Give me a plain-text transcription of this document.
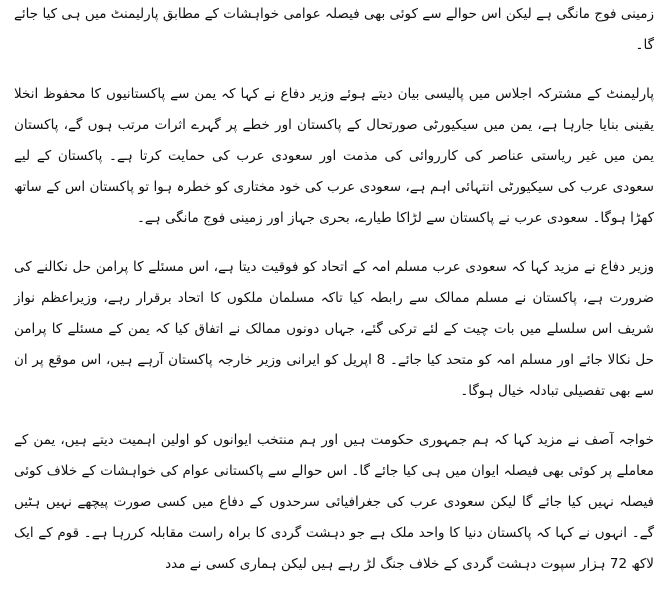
زمینی فوج مانگی ہے لیکن اس حوالے سے کوئی بھی فیصلہ عوامی خواہشات کے مطابق پارلیمنٹ میں ہی کیا جائے گا۔

پارلیمنٹ کے مشترکہ اجلاس میں پالیسی بیان دیتے ہوئے وزیر دفاع نے کہا کہ یمن سے پاکستانیوں کا محفوظ انخلا یقینی بنایا جارہا ہے، یمن میں سیکیورٹی صورتحال کے پاکستان اور خطے پر گہرے اثرات مرتب ہوں گے، پاکستان یمن میں غیر ریاستی عناصر کی کارروائی کی مذمت اور سعودی عرب کی حمایت کرتا ہے۔ پاکستان کے لیے سعودی عرب کی سیکیورٹی انتہائی اہم ہے، سعودی عرب کی خود مختاری کو خطرہ ہوا تو پاکستان اس کے ساتھ کھڑا ہوگا۔ سعودی عرب نے پاکستان سے لڑاکا طیارے، بحری جہاز اور زمینی فوج مانگی ہے۔

وزیر دفاع نے مزید کہا کہ سعودی عرب مسلم امہ کے اتحاد کو فوقیت دیتا ہے، اس مسئلے کا پرامن حل نکالنے کی ضرورت ہے، پاکستان نے مسلم ممالک سے رابطہ کیا تاکہ مسلمان ملکوں کا اتحاد برقرار رہے، وزیراعظم نواز شریف اس سلسلے میں بات چیت کے لئے ترکی گئے، جہاں دونوں ممالک نے اتفاق کیا کہ یمن کے مسئلے کا پرامن حل نکالا جائے اور مسلم امہ کو متحد کیا جائے۔ 8 اپریل کو ایرانی وزیر خارجہ پاکستان آرہے ہیں، اس موقع پر ان سے بھی تفصیلی تبادلہ خیال ہوگا۔

خواجہ آصف نے مزید کہا کہ ہم جمہوری حکومت ہیں اور ہم منتخب ایوانوں کو اولین اہمیت دیتے ہیں، یمن کے معاملے پر کوئی بھی فیصلہ ایوان میں ہی کیا جائے گا۔ اس حوالے سے پاکستانی عوام کی خواہشات کے خلاف کوئی فیصلہ نہیں کیا جائے گا لیکن سعودی عرب کی جغرافیائی سرحدوں کے دفاع میں کسی صورت پیچھے نہیں ہٹیں گے۔ انہوں نے کہا کہ پاکستان دنیا کا واحد ملک ہے جو دہشت گردی کا براہ راست مقابلہ کررہا ہے۔ قوم کے ایک لاکھ 72 ہزار سپوت دہشت گردی کے خلاف جنگ لڑ رہے ہیں لیکن ہماری کسی نے مدد
